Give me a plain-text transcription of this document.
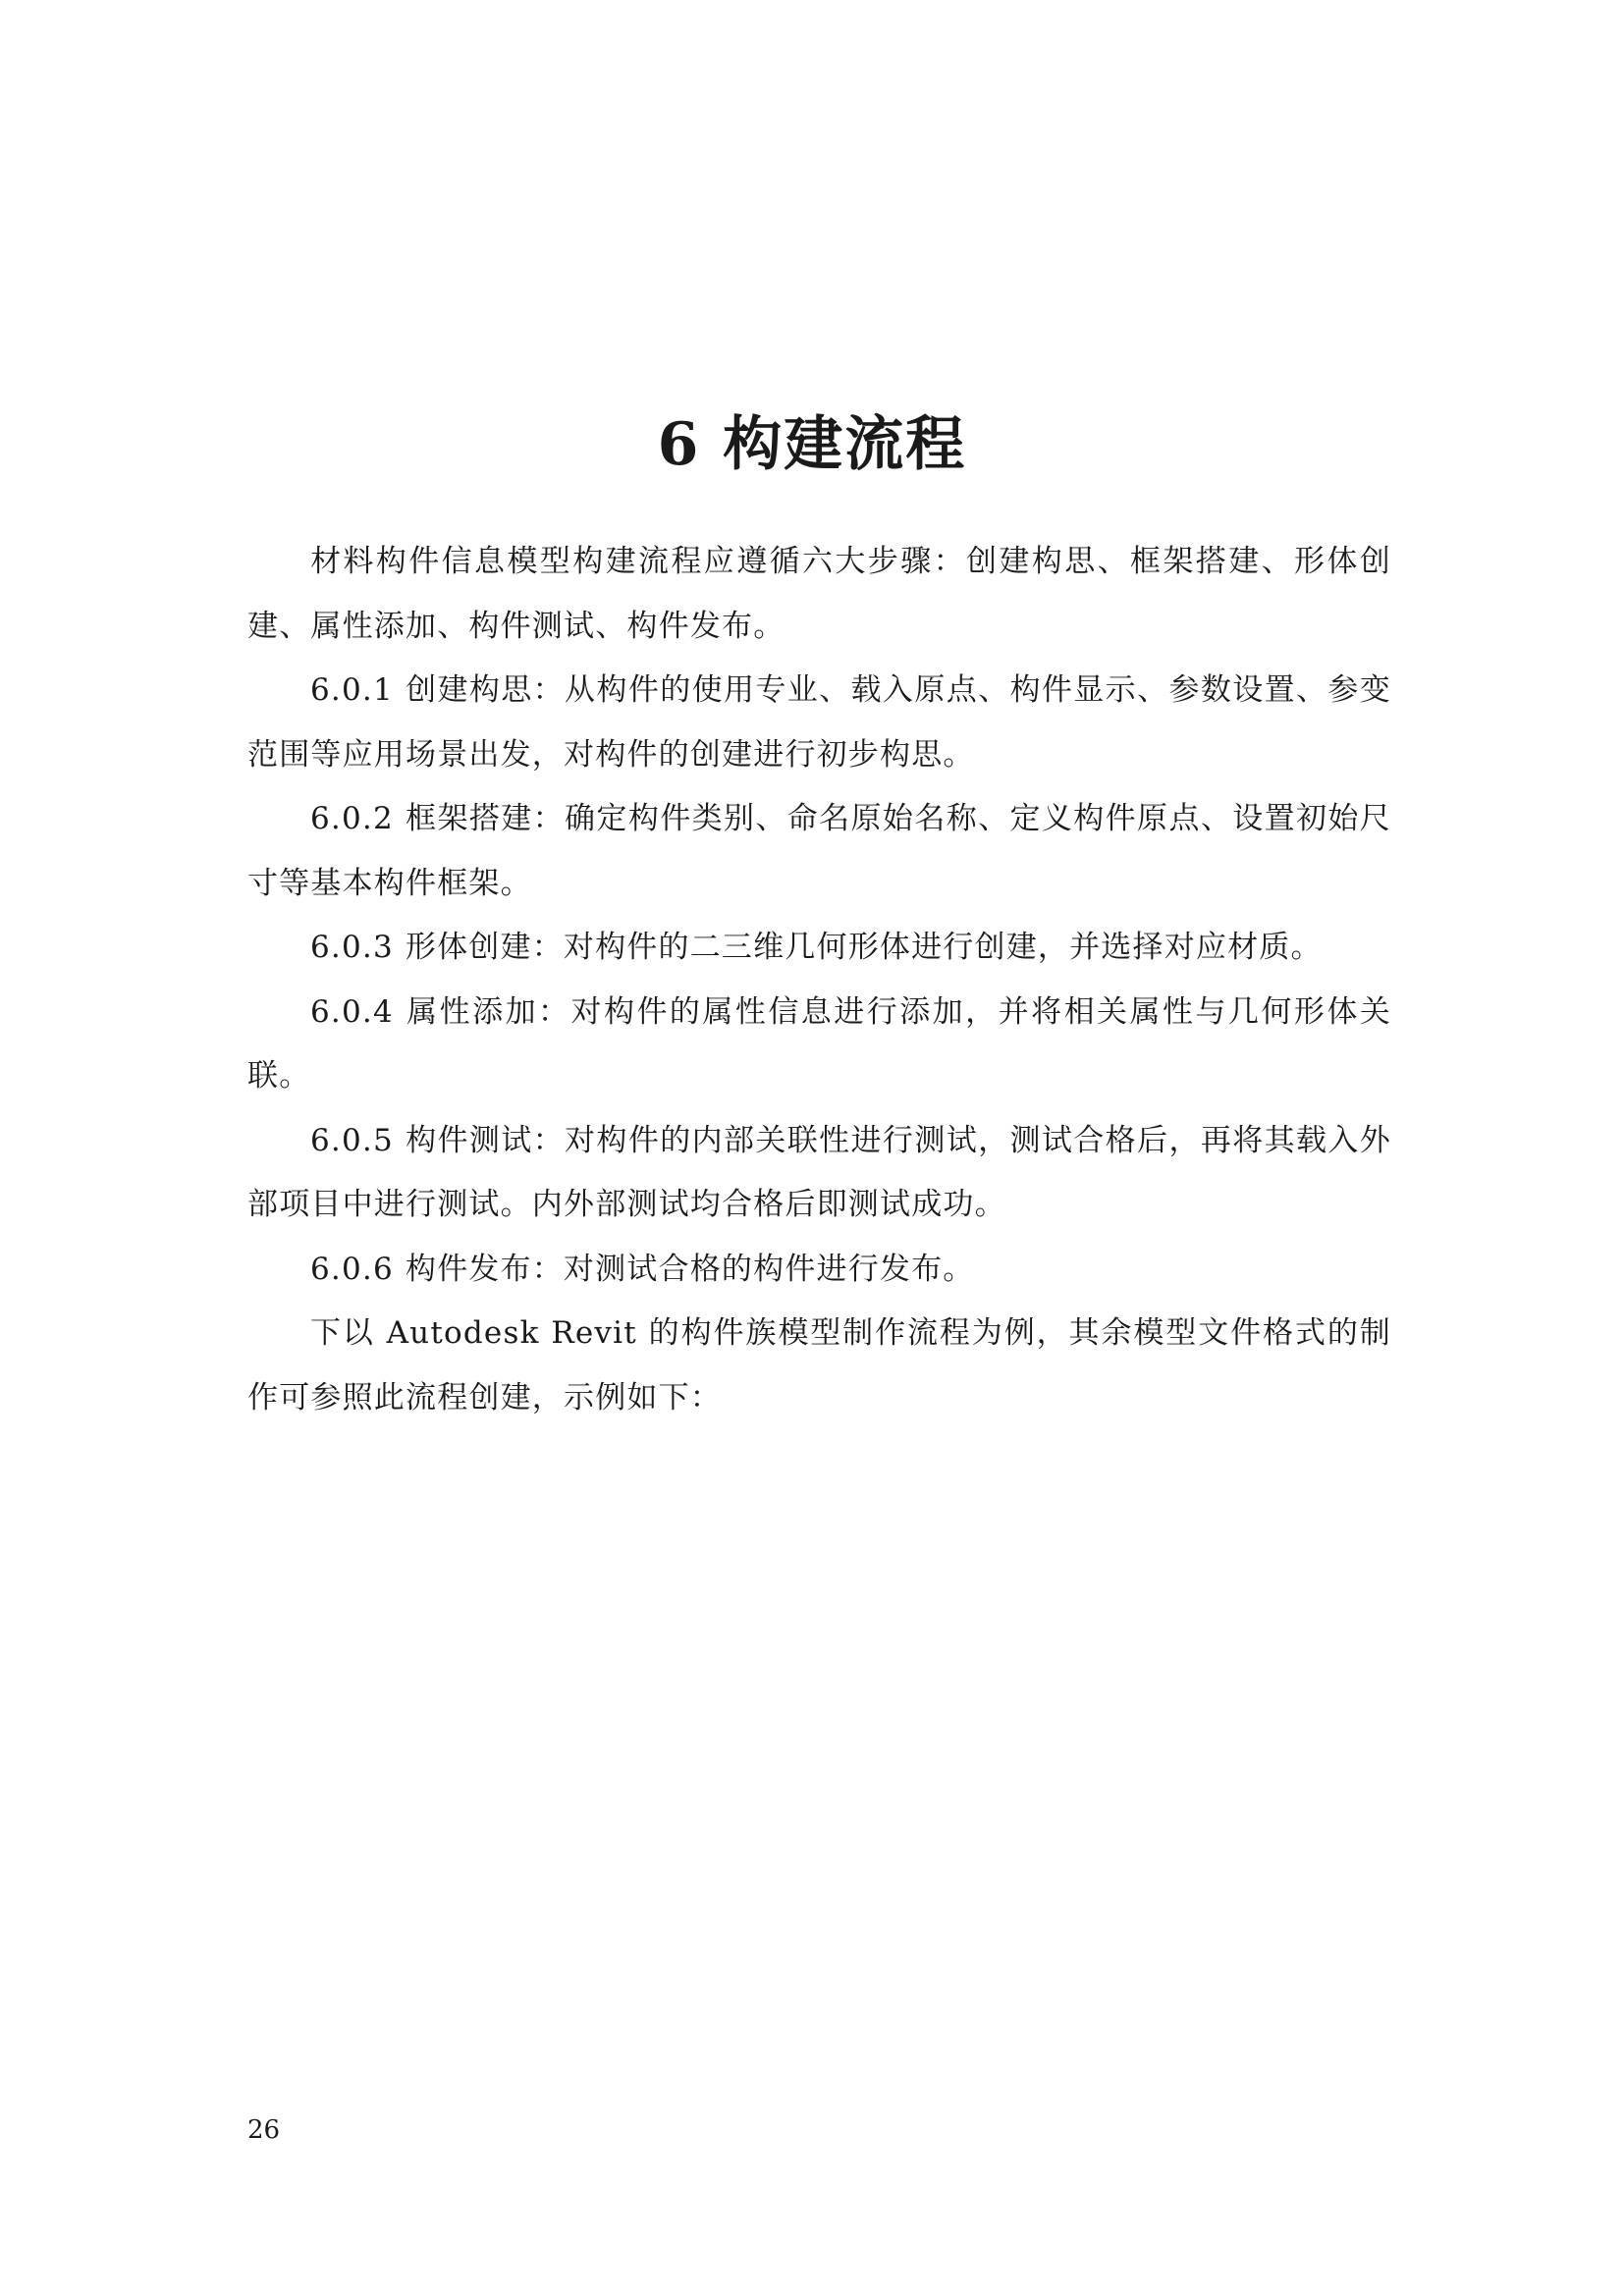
6 构建流程

材料构件信息模型构建流程应遵循六大步骤：创建构思、框架搭建、形体创建、属性添加、构件测试、构件发布。

6.0.1 创建构思：从构件的使用专业、载入原点、构件显示、参数设置、参变范围等应用场景出发，对构件的创建进行初步构思。

6.0.2 框架搭建：确定构件类别、命名原始名称、定义构件原点、设置初始尺寸等基本构件框架。

6.0.3 形体创建：对构件的二三维几何形体进行创建，并选择对应材质。

6.0.4 属性添加：对构件的属性信息进行添加，并将相关属性与几何形体关联。

6.0.5 构件测试：对构件的内部关联性进行测试，测试合格后，再将其载入外部项目中进行测试。内外部测试均合格后即测试成功。

6.0.6 构件发布：对测试合格的构件进行发布。

下以 Autodesk Revit 的构件族模型制作流程为例，其余模型文件格式的制作可参照此流程创建，示例如下：

26
